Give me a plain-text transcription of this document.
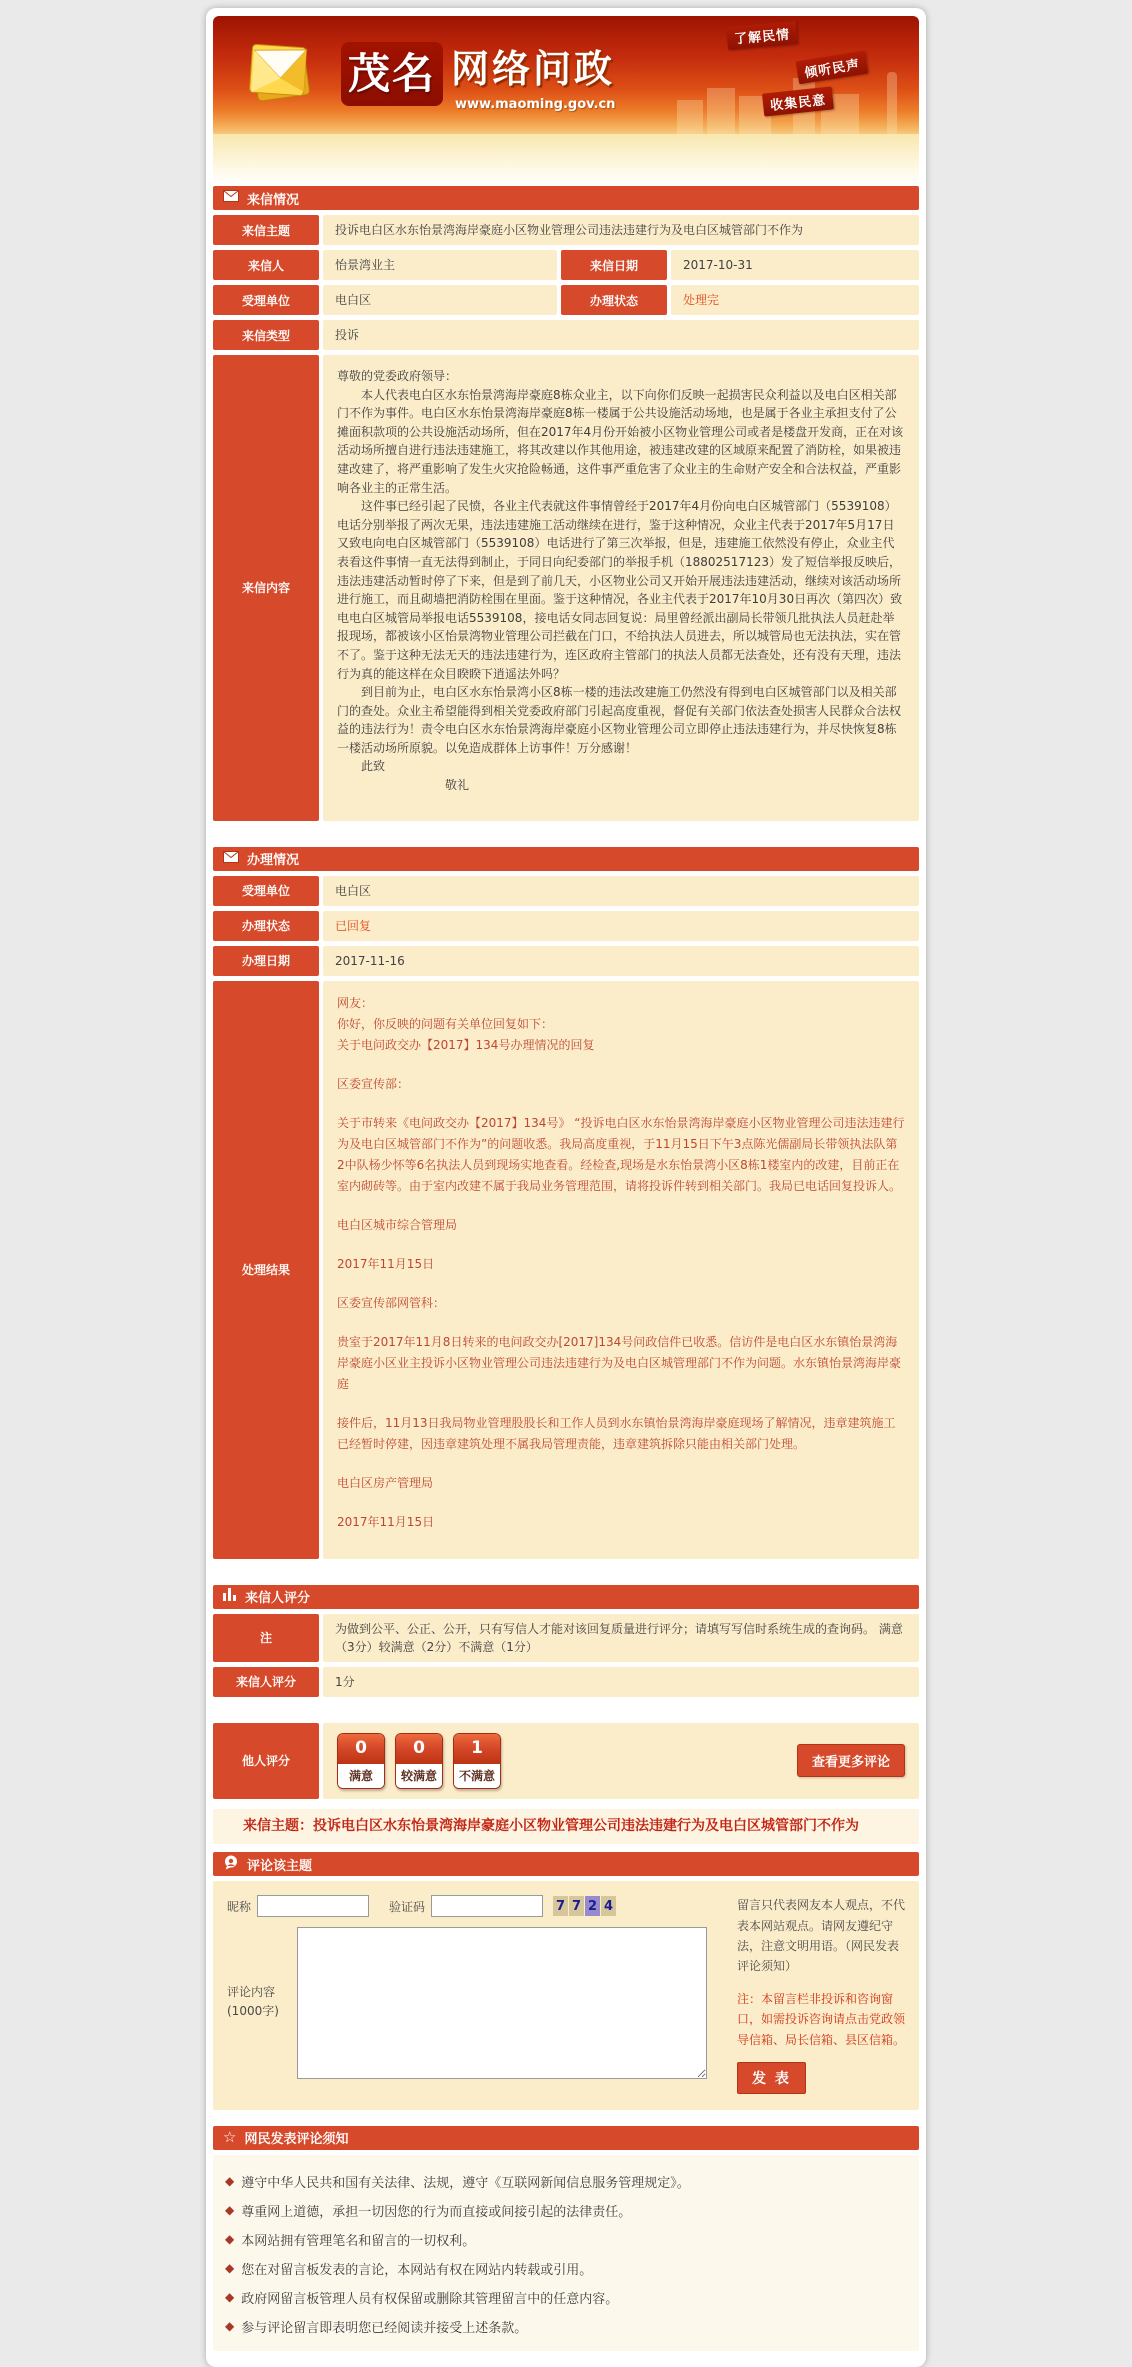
茂名 网络问政
www.maoming.gov.cn
了解民情
倾听民声
收集民意
来信情况
来信主题	投诉电白区水东怡景湾海岸豪庭小区物业管理公司违法违建行为及电白区城管部门不作为
来信人	怡景湾业主	来信日期	2017-10-31
受理单位	电白区	办理状态	处理完
来信类型	投诉
来信内容

尊敬的党委政府领导：

本人代表电白区水东怡景湾海岸豪庭8栋众业主，以下向你们反映一起损害民众利益以及电白区相关部门不作为事件。电白区水东怡景湾海岸豪庭8栋一楼属于公共设施活动场地，也是属于各业主承担支付了公摊面积款项的公共设施活动场所，但在2017年4月份开始被小区物业管理公司或者是楼盘开发商，正在对该活动场所擅自进行违法违建施工，将其改建以作其他用途，被违建改建的区域原来配置了消防栓，如果被违建改建了，将严重影响了发生火灾抢险畅通，这件事严重危害了众业主的生命财产安全和合法权益，严重影响各业主的正常生活。

这件事已经引起了民愤，各业主代表就这件事情曾经于2017年4月份向电白区城管部门（5539108）电话分别举报了两次无果，违法违建施工活动继续在进行，鉴于这种情况，众业主代表于2017年5月17日又致电向电白区城管部门（5539108）电话进行了第三次举报，但是，违建施工依然没有停止，众业主代表看这件事情一直无法得到制止，于同日向纪委部门的举报手机（18802517123）发了短信举报反映后，违法违建活动暂时停了下来，但是到了前几天，小区物业公司又开始开展违法违建活动，继续对该活动场所进行施工，而且砌墙把消防栓围在里面。鉴于这种情况，各业主代表于2017年10月30日再次（第四次）致电电白区城管局举报电话5539108，接电话女同志回复说：局里曾经派出副局长带领几批执法人员赶赴举报现场，都被该小区怡景湾物业管理公司拦截在门口，不给执法人员进去，所以城管局也无法执法，实在管不了。鉴于这种无法无天的违法违建行为，连区政府主管部门的执法人员都无法查处，还有没有天理，违法行为真的能这样在众目睽睽下逍遥法外吗？

到目前为止，电白区水东怡景湾小区8栋一楼的违法改建施工仍然没有得到电白区城管部门以及相关部门的查处。众业主希望能得到相关党委政府部门引起高度重视，督促有关部门依法查处损害人民群众合法权益的违法行为！责令电白区水东怡景湾海岸豪庭小区物业管理公司立即停止违法违建行为，并尽快恢复8栋一楼活动场所原貌。以免造成群体上访事件！万分感谢！

此致

敬礼

办理情况
受理单位	电白区
办理状态	已回复
办理日期	2017-11-16
处理结果

网友：

你好，你反映的问题有关单位回复如下：

关于电问政交办【2017】134号办理情况的回复

区委宣传部：

关于市转来《电问政交办【2017】134号》 “投诉电白区水东怡景湾海岸豪庭小区物业管理公司违法违建行为及电白区城管部门不作为”的问题收悉。我局高度重视，于11月15日下午3点陈光儒副局长带领执法队第2中队杨少怀等6名执法人员到现场实地查看。经检查,现场是水东怡景湾小区8栋1楼室内的改建，目前正在室内砌砖等。由于室内改建不属于我局业务管理范围，请将投诉件转到相关部门。我局已电话回复投诉人。

电白区城市综合管理局

2017年11月15日

区委宣传部网管科：

贵室于2017年11月8日转来的电问政交办[2017]134号问政信件已收悉。信访件是电白区水东镇怡景湾海岸豪庭小区业主投诉小区物业管理公司违法违建行为及电白区城管理部门不作为问题。水东镇怡景湾海岸豪庭

接件后，11月13日我局物业管理股股长和工作人员到水东镇怡景湾海岸豪庭现场了解情况，违章建筑施工已经暂时停建，因违章建筑处理不属我局管理责能，违章建筑拆除只能由相关部门处理。

电白区房产管理局

2017年11月15日

来信人评分
注
为做到公平、公正、公开，只有写信人才能对该回复质量进行评分；请填写写信时系统生成的查询码。 满意（3分）较满意（2分）不满意（1分）
来信人评分	1分
他人评分
0
满意
0
较满意
1
不满意
查看更多评论
来信主题：投诉电白区水东怡景湾海岸豪庭小区物业管理公司违法违建行为及电白区城管部门不作为
评论该主题
昵称	验证码	7 7 2 4
评论内容
(1000字)
留言只代表网友本人观点，不代表本网站观点。请网友遵纪守法，注意文明用语。（网民发表评论须知）
注：本留言栏非投诉和咨询窗口，如需投诉咨询请点击党政领导信箱、局长信箱、县区信箱。
发 表
☆ 网民发表评论须知
◆ 遵守中华人民共和国有关法律、法规，遵守《互联网新闻信息服务管理规定》。
◆ 尊重网上道德，承担一切因您的行为而直接或间接引起的法律责任。
◆ 本网站拥有管理笔名和留言的一切权利。
◆ 您在对留言板发表的言论，本网站有权在网站内转载或引用。
◆ 政府网留言板管理人员有权保留或删除其管理留言中的任意内容。
◆ 参与评论留言即表明您已经阅读并接受上述条款。
